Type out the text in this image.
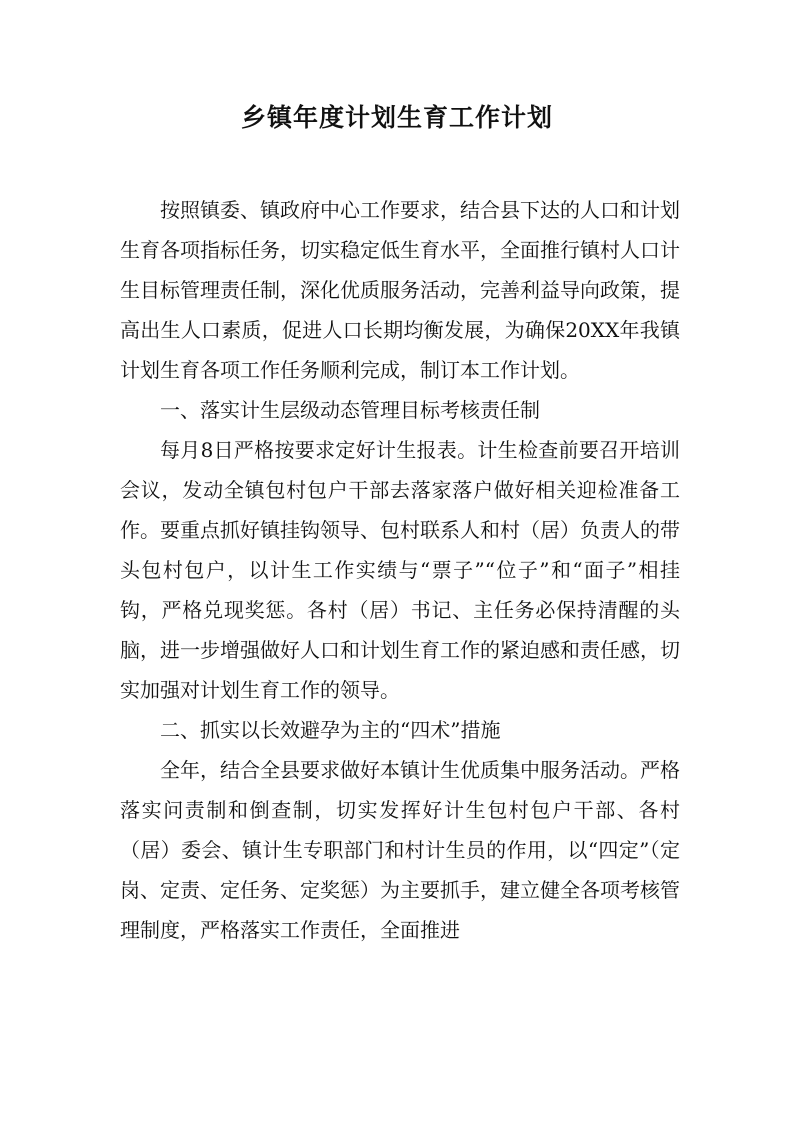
乡镇年度计划生育工作计划

按照镇委、镇政府中心工作要求，结合县下达的人口和计划生育各项指标任务，切实稳定低生育水平，全面推行镇村人口计生目标管理责任制，深化优质服务活动，完善利益导向政策，提高出生人口素质，促进人口长期均衡发展，为确保20XX年我镇计划生育各项工作任务顺利完成，制订本工作计划。

一、落实计生层级动态管理目标考核责任制

每月8日严格按要求定好计生报表。计生检查前要召开培训会议，发动全镇包村包户干部去落家落户做好相关迎检准备工作。要重点抓好镇挂钩领导、包村联系人和村（居）负责人的带头包村包户，以计生工作实绩与“票子”“位子”和“面子”相挂钩，严格兑现奖惩。各村（居）书记、主任务必保持清醒的头脑，进一步增强做好人口和计划生育工作的紧迫感和责任感，切实加强对计划生育工作的领导。

二、抓实以长效避孕为主的“四术”措施

全年，结合全县要求做好本镇计生优质集中服务活动。严格落实问责制和倒查制，切实发挥好计生包村包户干部、各村（居）委会、镇计生专职部门和村计生员的作用，以“四定”（定岗、定责、定任务、定奖惩）为主要抓手，建立健全各项考核管理制度，严格落实工作责任，全面推进
